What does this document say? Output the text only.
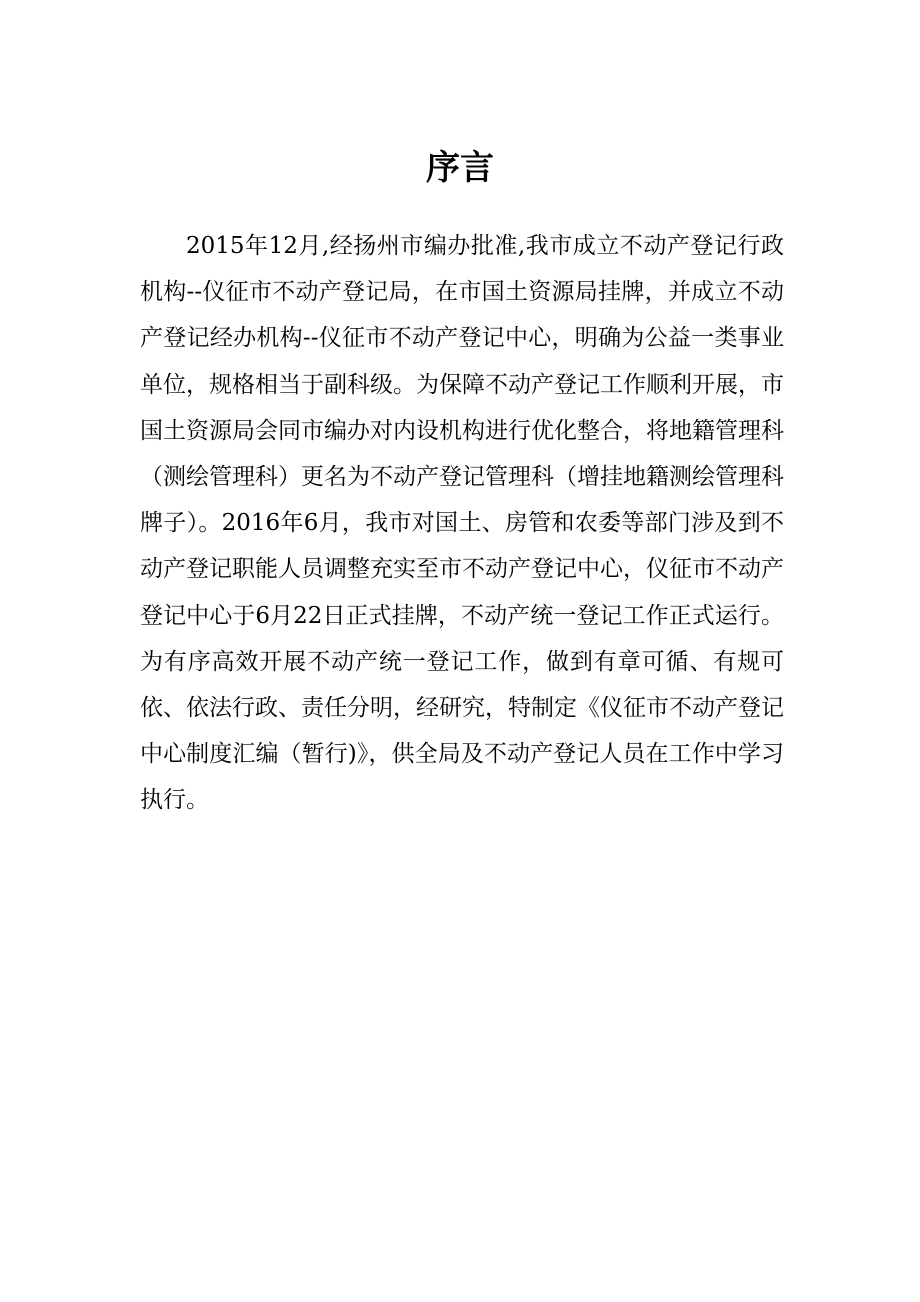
序言

2015年12月,经扬州市编办批准,我市成立不动产登记行政机构--仪征市不动产登记局，在市国土资源局挂牌，并成立不动产登记经办机构--仪征市不动产登记中心，明确为公益一类事业单位，规格相当于副科级。为保障不动产登记工作顺利开展，市国土资源局会同市编办对内设机构进行优化整合，将地籍管理科（测绘管理科）更名为不动产登记管理科（增挂地籍测绘管理科牌子）。2016年6月，我市对国土、房管和农委等部门涉及到不动产登记职能人员调整充实至市不动产登记中心，仪征市不动产登记中心于6月22日正式挂牌，不动产统一登记工作正式运行。为有序高效开展不动产统一登记工作，做到有章可循、有规可依、依法行政、责任分明，经研究，特制定《仪征市不动产登记中心制度汇编（暂行)》，供全局及不动产登记人员在工作中学习执行。
